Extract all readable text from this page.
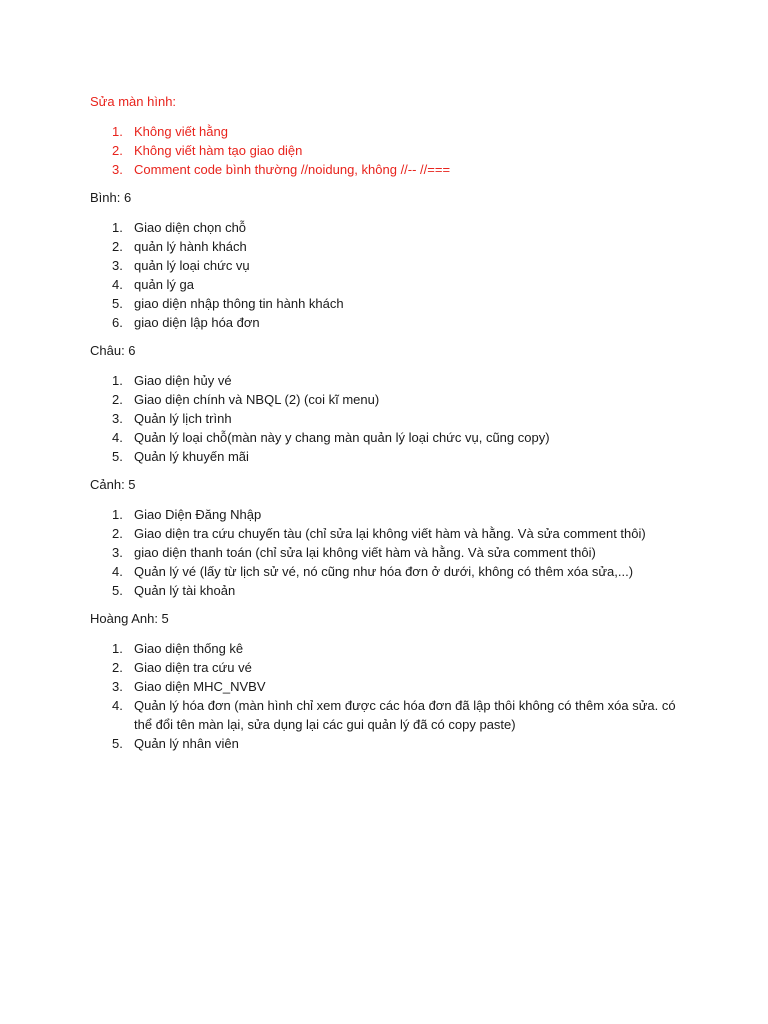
Sửa màn hình:

1. Không viết hằng
2. Không viết hàm tạo giao diện
3. Comment code bình thường //noidung, không //-- //===

Bình: 6

1. Giao diện chọn chỗ
2. quản lý hành khách
3. quản lý loại chức vụ
4. quản lý ga
5. giao diện nhập thông tin hành khách
6. giao diện lập hóa đơn

Châu: 6

1. Giao diện hủy vé
2. Giao diện chính và NBQL (2) (coi kĩ menu)
3. Quản lý lịch trình
4. Quản lý loại chỗ(màn này y chang màn quản lý loại chức vụ, cũng copy)
5. Quản lý khuyến mãi

Cảnh: 5

1. Giao Diện Đăng Nhập
2. Giao diện tra cứu chuyến tàu (chỉ sửa lại không viết hàm và hằng. Và sửa comment thôi)
3. giao diện thanh toán (chỉ sửa lại không viết hàm và hằng. Và sửa comment thôi)
4. Quản lý vé (lấy từ lịch sử vé, nó cũng như hóa đơn ở dưới, không có thêm xóa sửa,...)
5. Quản lý tài khoản

Hoàng Anh: 5

1. Giao diện thống kê
2. Giao diện tra cứu vé
3. Giao diện MHC_NVBV
4. Quản lý hóa đơn (màn hình chỉ xem được các hóa đơn đã lập thôi không có thêm xóa sửa. có thể đổi tên màn lại, sửa dụng lại các gui quản lý đã có copy paste)
5. Quản lý nhân viên
